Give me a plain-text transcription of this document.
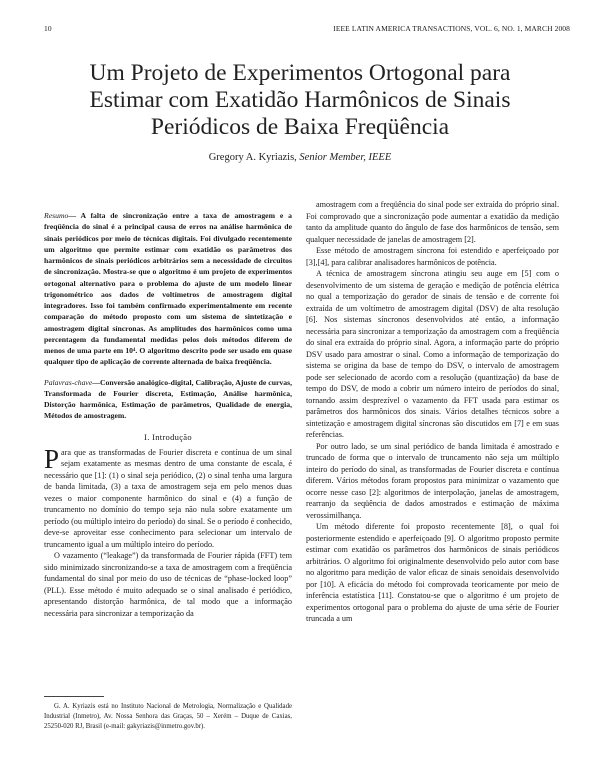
10	IEEE LATIN AMERICA TRANSACTIONS, VOL. 6, NO. 1, MARCH 2008
Um Projeto de Experimentos Ortogonal para
Estimar com Exatidão Harmônicos de Sinais
Periódicos de Baixa Freqüência
Gregory A. Kyriazis, Senior Member, IEEE
Resumo— A falta de sincronização entre a taxa de amostragem e a freqüência do sinal é a principal causa de erros na análise harmônica de sinais periódicos por meio de técnicas digitais. Foi divulgado recentemente um algoritmo que permite estimar com exatidão os parâmetros dos harmônicos de sinais periódicos arbitrários sem a necessidade de circuitos de sincronização. Mostra-se que o algoritmo é um projeto de experimentos ortogonal alternativo para o problema do ajuste de um modelo linear trigonométrico aos dados de voltímetros de amostragem digital integradores. Isso foi também confirmado experimentalmente em recente comparação do método proposto com um sistema de sintetização e amostragem digital síncronas. As amplitudes dos harmônicos como uma percentagem da fundamental medidas pelos dois métodos diferem de menos de uma parte em 10⁴. O algoritmo descrito pode ser usado em quase qualquer tipo de aplicação de corrente alternada de baixa freqüência.
Palavras-chave—Conversão analógico-digital, Calibração, Ajuste de curvas, Transformada de Fourier discreta, Estimação, Análise harmônica, Distorção harmônica, Estimação de parâmetros, Qualidade de energia, Métodos de amostragem.
I. Introdução

Para que as transformadas de Fourier discreta e contínua de um sinal sejam exatamente as mesmas dentro de uma constante de escala, é necessário que [1]: (1) o sinal seja periódico, (2) o sinal tenha uma largura de banda limitada, (3) a taxa de amostragem seja em pelo menos duas vezes o maior componente harmônico do sinal e (4) a função de truncamento no domínio do tempo seja não nula sobre exatamente um período (ou múltiplo inteiro do período) do sinal. Se o período é conhecido, deve-se aproveitar esse conhecimento para selecionar um intervalo de truncamento igual a um múltiplo inteiro do período.

O vazamento (“leakage”) da transformada de Fourier rápida (FFT) tem sido minimizado sincronizando-se a taxa de amostragem com a freqüência fundamental do sinal por meio do uso de técnicas de “phase-locked loop” (PLL). Esse método é muito adequado se o sinal analisado é periódico, apresentando distorção harmônica, de tal modo que a informação necessária para sincronizar a temporização da

amostragem com a freqüência do sinal pode ser extraída do próprio sinal. Foi comprovado que a sincronização pode aumentar a exatidão da medição tanto da amplitude quanto do ângulo de fase dos harmônicos de tensão, sem qualquer necessidade de janelas de amostragem [2].

Esse método de amostragem síncrona foi estendido e aperfeiçoado por [3],[4], para calibrar analisadores harmônicos de potência.

A técnica de amostragem síncrona atingiu seu auge em [5] com o desenvolvimento de um sistema de geração e medição de potência elétrica no qual a temporização do gerador de sinais de tensão e de corrente foi extraída de um voltímetro de amostragem digital (DSV) de alta resolução [6]. Nos sistemas síncronos desenvolvidos até então, a informação necessária para sincronizar a temporização da amostragem com a freqüência do sinal era extraída do próprio sinal. Agora, a informação parte do próprio DSV usado para amostrar o sinal. Como a informação de temporização do sistema se origina da base de tempo do DSV, o intervalo de amostragem pode ser selecionado de acordo com a resolução (quantização) da base de tempo do DSV, de modo a cobrir um número inteiro de períodos do sinal, tornando assim desprezível o vazamento da FFT usada para estimar os parâmetros dos harmônicos dos sinais. Vários detalhes técnicos sobre a sintetização e amostragem digital síncronas são discutidos em [7] e em suas referências.

Por outro lado, se um sinal periódico de banda limitada é amostrado e truncado de forma que o intervalo de truncamento não seja um múltiplo inteiro do período do sinal, as transformadas de Fourier discreta e contínua diferem. Vários métodos foram propostos para minimizar o vazamento que ocorre nesse caso [2]: algoritmos de interpolação, janelas de amostragem, rearranjo da seqüência de dados amostrados e estimação de máxima verossimilhança.

Um método diferente foi proposto recentemente [8], o qual foi posteriormente estendido e aperfeiçoado [9]. O algoritmo proposto permite estimar com exatidão os parâmetros dos harmônicos de sinais periódicos arbitrários. O algoritmo foi originalmente desenvolvido pelo autor com base no algoritmo para medição de valor eficaz de sinais senoidais desenvolvido por [10]. A eficácia do método foi comprovada teoricamente por meio de inferência estatística [11]. Constatou-se que o algoritmo é um projeto de experimentos ortogonal para o problema do ajuste de uma série de Fourier truncada a um

G. A. Kyriazis está no Instituto Nacional de Metrologia, Normalização e Qualidade Industrial (Inmetro), Av. Nossa Senhora das Graças, 50 – Xerém – Duque de Caxias, 25250-020 RJ, Brasil (e-mail: gakyriazis@inmetro.gov.br).
